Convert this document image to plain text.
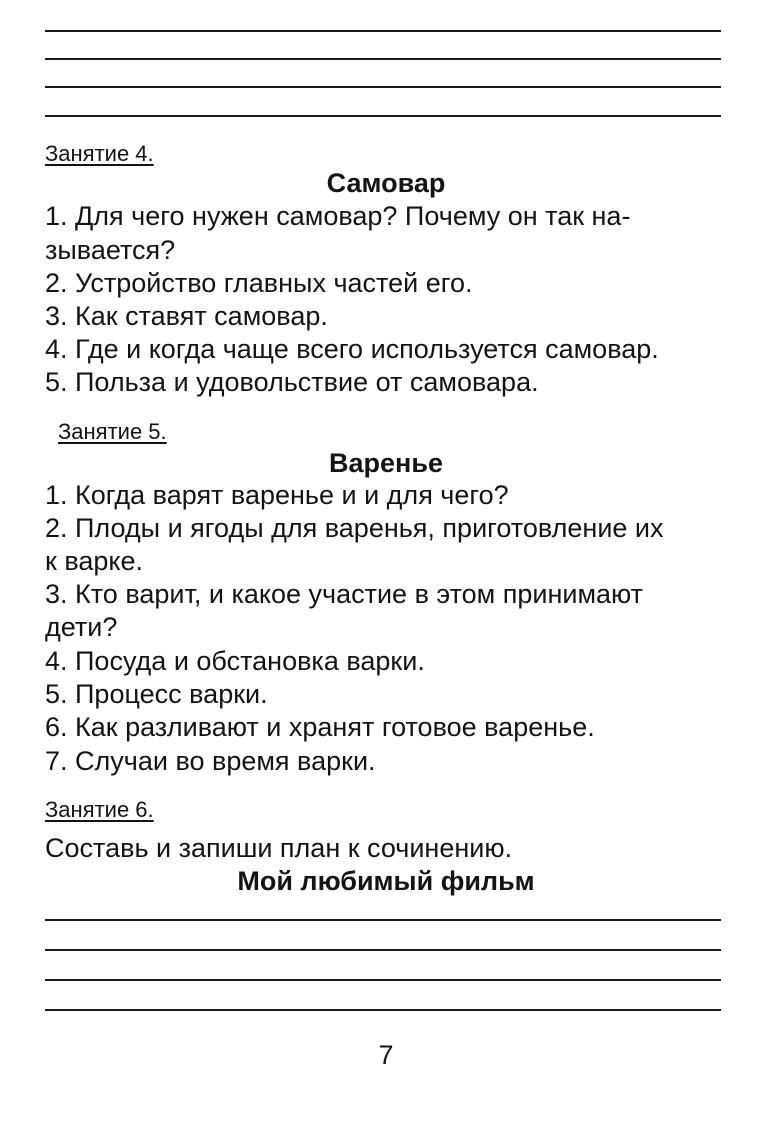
Занятие 4.
Самовар
1. Для чего нужен самовар? Почему он так на-
зывается?
2. Устройство главных частей его.
3. Как ставят самовар.
4. Где и когда чаще всего используется самовар.
5. Польза и удовольствие от самовара.
Занятие 5.
Варенье
1. Когда варят варенье и и для чего?
2. Плоды и ягоды для варенья, приготовление их
к варке.
3. Кто варит, и какое участие в этом принимают
дети?
4. Посуда и обстановка варки.
5. Процесс варки.
6. Как разливают и хранят готовое варенье.
7. Случаи во время варки.
Занятие 6.
Составь и запиши план к сочинению.
Мой любимый фильм
7
